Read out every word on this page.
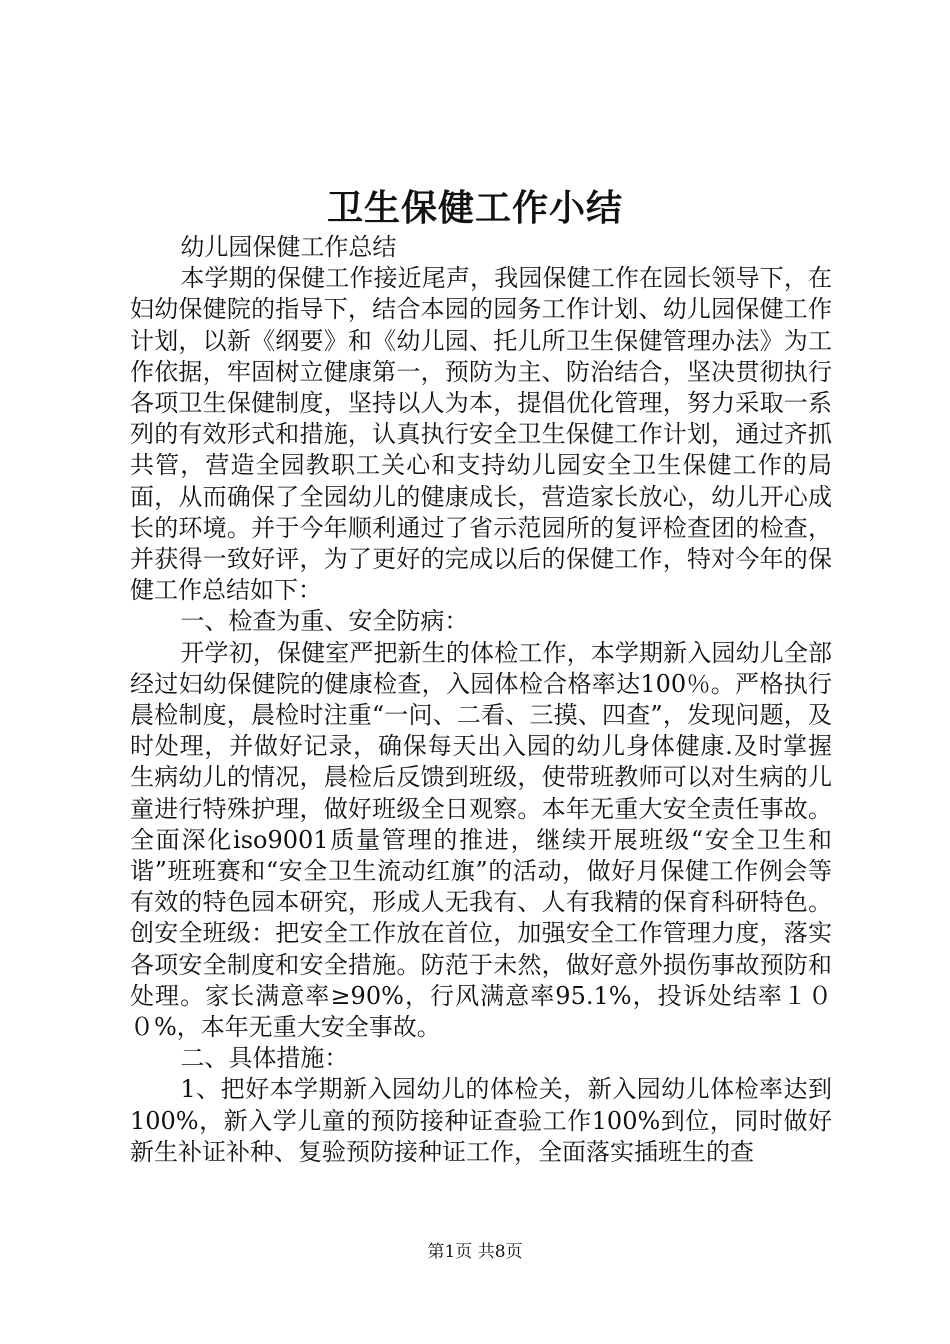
卫生保健工作小结

幼儿园保健工作总结

本学期的保健工作接近尾声，我园保健工作在园长领导下，在妇幼保健院的指导下，结合本园的园务工作计划、幼儿园保健工作计划，以新《纲要》和《幼儿园、托儿所卫生保健管理办法》为工作依据，牢固树立健康第一，预防为主、防治结合，坚决贯彻执行各项卫生保健制度，坚持以人为本，提倡优化管理，努力采取一系列的有效形式和措施，认真执行安全卫生保健工作计划，通过齐抓共管，营造全园教职工关心和支持幼儿园安全卫生保健工作的局面，从而确保了全园幼儿的健康成长，营造家长放心，幼儿开心成长的环境。并于今年顺利通过了省示范园所的复评检查团的检查，并获得一致好评，为了更好的完成以后的保健工作，特对今年的保健工作总结如下：

一、检查为重、安全防病：

开学初，保健室严把新生的体检工作，本学期新入园幼儿全部经过妇幼保健院的健康检查，入园体检合格率达100％。严格执行晨检制度，晨检时注重“一问、二看、三摸、四查”，发现问题，及时处理，并做好记录，确保每天出入园的幼儿身体健康.及时掌握生病幼儿的情况，晨检后反馈到班级，使带班教师可以对生病的儿童进行特殊护理，做好班级全日观察。本年无重大安全责任事故。全面深化iso9001质量管理的推进，继续开展班级“安全卫生和谐”班班赛和“安全卫生流动红旗”的活动，做好月保健工作例会等有效的特色园本研究，形成人无我有、人有我精的保育科研特色。创安全班级：把安全工作放在首位，加强安全工作管理力度，落实各项安全制度和安全措施。防范于未然，做好意外损伤事故预防和处理。家长满意率≥90%，行风满意率95.1%，投诉处结率１００%，本年无重大安全事故。

二、具体措施：

1、把好本学期新入园幼儿的体检关，新入园幼儿体检率达到100%，新入学儿童的预防接种证查验工作100%到位，同时做好新生补证补种、复验预防接种证工作，全面落实插班生的查

第1页 共8页
